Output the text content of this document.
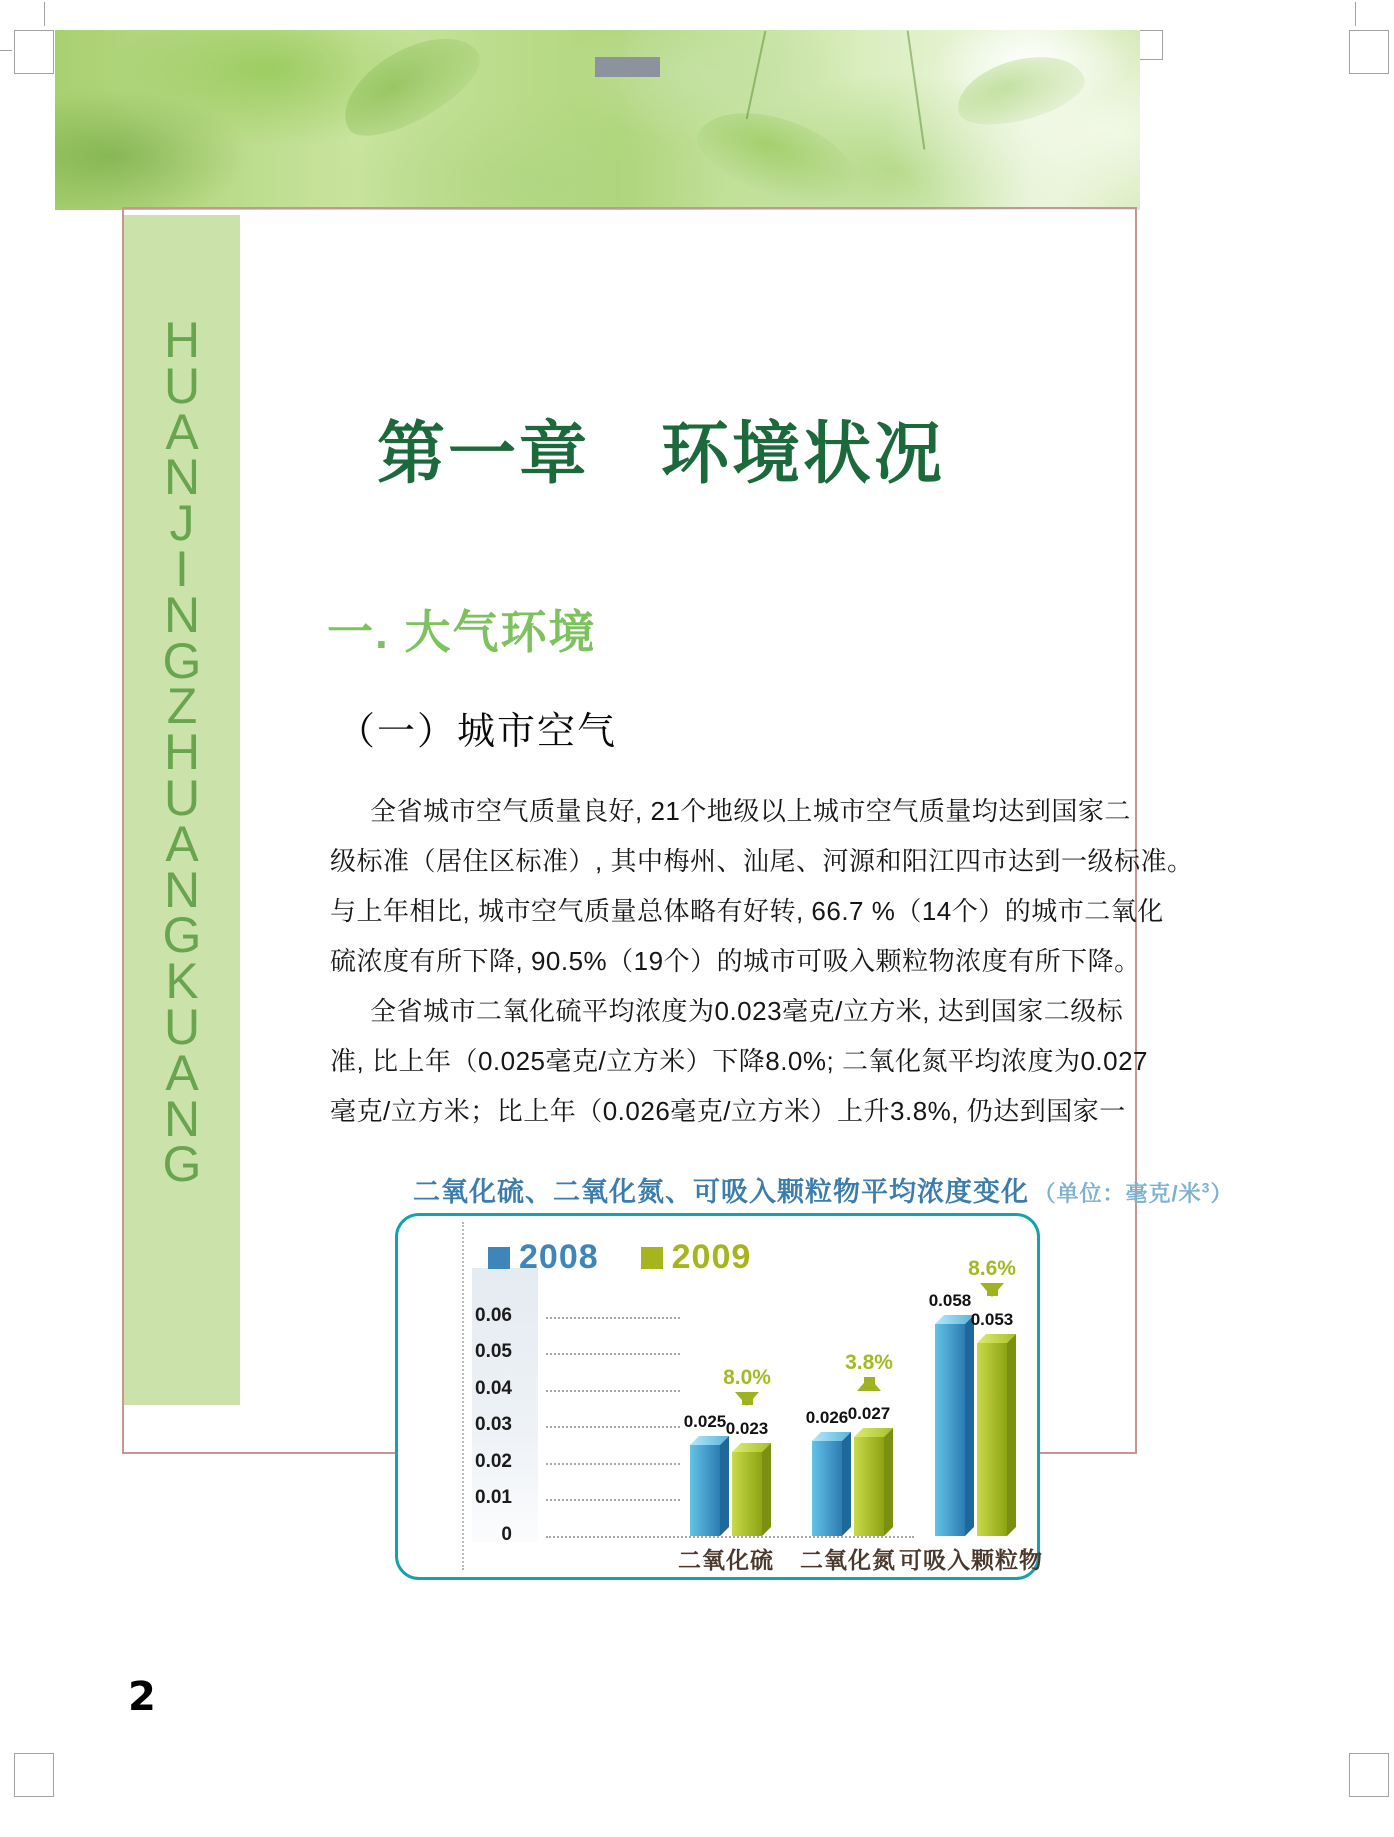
H
U
A
N
J
I
N
G
Z
H
U
A
N
G
K
U
A
N
G
第一章　环境状况
一. 大气环境
（一）城市空气
全省城市空气质量良好, 21个地级以上城市空气质量均达到国家二
级标准（居住区标准）, 其中梅州、汕尾、河源和阳江四市达到一级标准。
与上年相比, 城市空气质量总体略有好转, 66.7 %（14个）的城市二氧化
硫浓度有所下降, 90.5%（19个）的城市可吸入颗粒物浓度有所下降。
全省城市二氧化硫平均浓度为0.023毫克/立方米, 达到国家二级标
准, 比上年（0.025毫克/立方米）下降8.0%; 二氧化氮平均浓度为0.027
毫克/立方米；比上年（0.026毫克/立方米）上升3.8%, 仍达到国家一
二氧化硫、二氧化氮、可吸入颗粒物平均浓度变化 （单位：毫克/米$^3$）
2008 2009
0.06
0.05
0.04
0.03
0.02
0.01
0
0.025 0.023
8.0%
二氧化硫
0.026 0.027
3.8%
二氧化氮
0.058
0.053
8.6%
可吸入颗粒物
2
